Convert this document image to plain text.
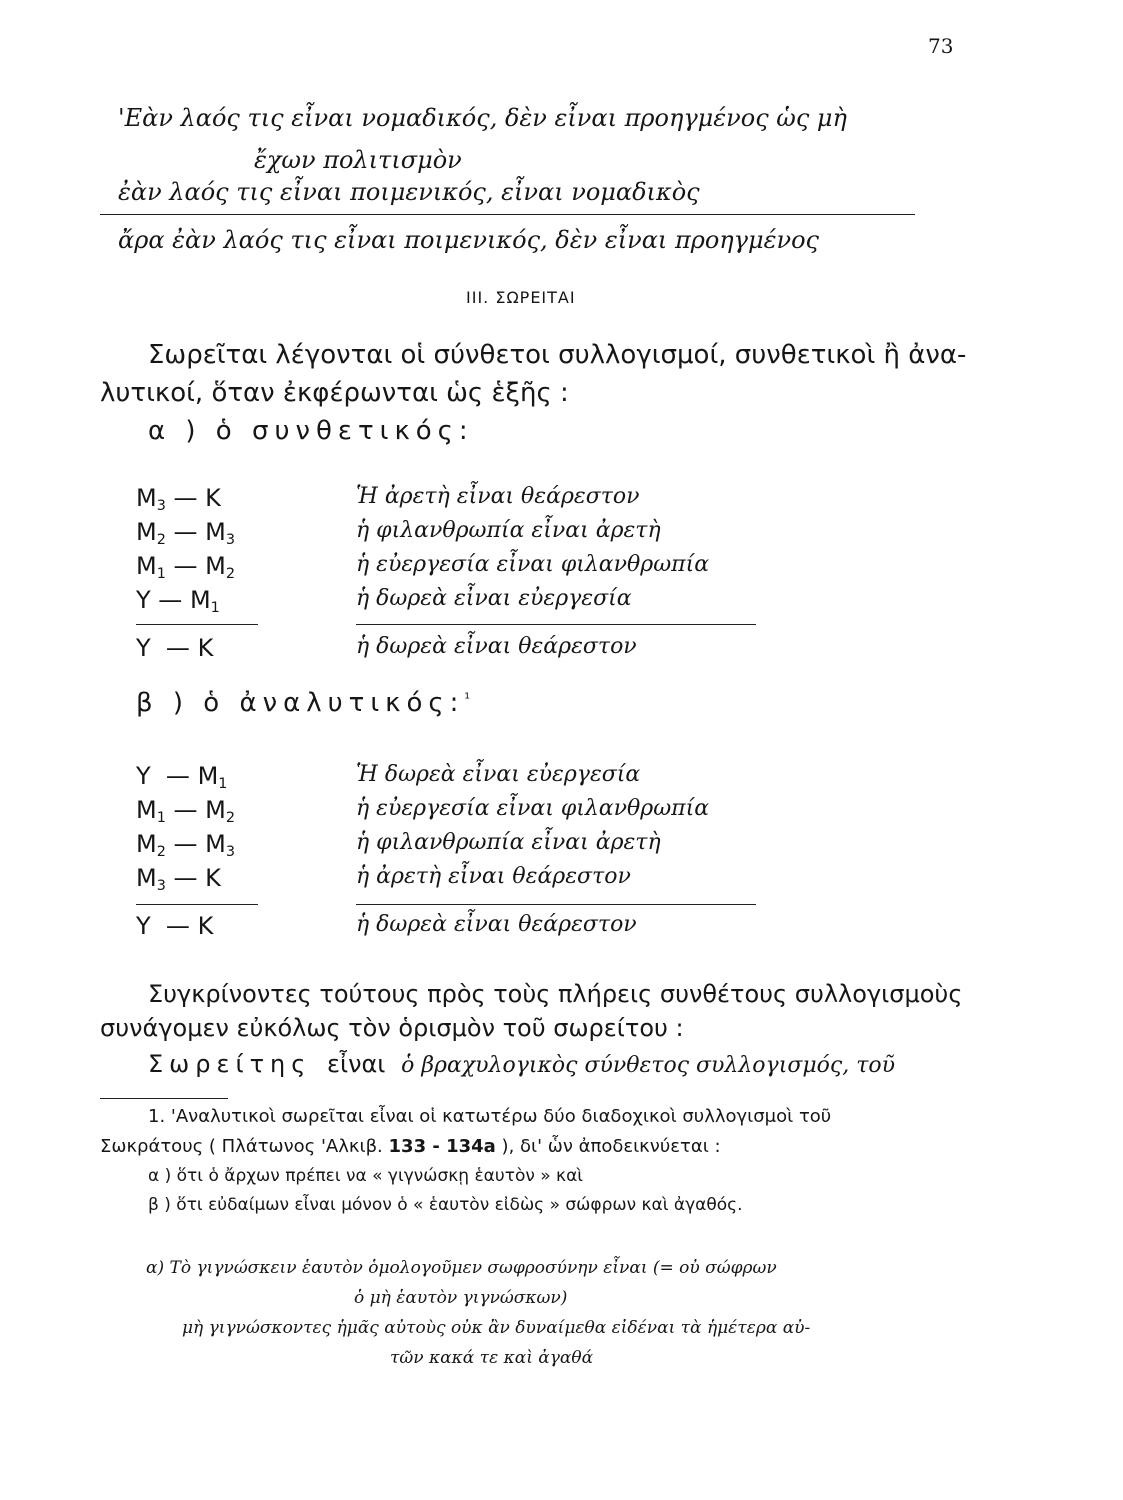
73
'Εὰν λαός τις εἶναι νομαδικός, δὲν εἶναι προηγμένος ὡς μὴ
ἔχων πολιτισμὸν
ἐὰν λαός τις εἶναι ποιμενικός, εἶναι νομαδικὸς
ἄρα ἐὰν λαός τις εἶναι ποιμενικός, δὲν εἶναι προηγμένος
III. ΣΩΡΕΙΤΑΙ
Σωρεῖται λέγονται οἱ σύνθετοι συλλογισμοί, συνθετικοὶ ἢ ἀνα-
λυτικοί, ὅταν ἐκφέρωνται ὡς ἑξῆς :
α ) ὁ συνθετικός:
$M_3$ — K	Ἡ ἀρετὴ εἶναι θεάρεστον
$M_2$ — $M_3$	ἡ φιλανθρωπία εἶναι ἀρετὴ
$M_1$ — $M_2$	ἡ εὐεργεσία εἶναι φιλανθρωπία
Y — $M_1$	ἡ δωρεὰ εἶναι εὐεργεσία
Y  — K	ἡ δωρεὰ εἶναι θεάρεστον
β ) ὁ ἀναλυτικός:$^{^1}$
Y  — $M_1$	Ἡ δωρεὰ εἶναι εὐεργεσία
$M_1$ — $M_2$	ἡ εὐεργεσία εἶναι φιλανθρωπία
$M_2$ — $M_3$	ἡ φιλανθρωπία εἶναι ἀρετὴ
$M_3$ — K	ἡ ἀρετὴ εἶναι θεάρεστον
Y  — K	ἡ δωρεὰ εἶναι θεάρεστον
Συγκρίνοντες τούτους πρὸς τοὺς πλήρεις συνθέτους συλλογισμοὺς
συνάγομεν εὐκόλως τὸν ὁρισμὸν τοῦ σωρείτου :
Σωρείτης εἶναι ὁ βραχυλογικὸς σύνθετος συλλογισμός, τοῦ
1. 'Αναλυτικοὶ σωρεῖται εἶναι οἱ κατωτέρω δύο διαδοχικοὶ συλλογισμοὶ τοῦ
Σωκράτους ( Πλάτωνος 'Αλκιβ. 133 - 134a ), δι' ὧν ἀποδεικνύεται :
α ) ὅτι ὁ ἄρχων πρέπει να « γιγνώσκῃ ἑαυτὸν » καὶ
β ) ὅτι εὐδαίμων εἶναι μόνον ὁ « ἑαυτὸν εἰδὼς » σώφρων καὶ ἀγαθός.
α) Τὸ γιγνώσκειν ἑαυτὸν ὁμολογοῦμεν σωφροσύνην εἶναι (= οὐ σώφρων
ὁ μὴ ἑαυτὸν γιγνώσκων)
μὴ γιγνώσκοντες ἡμᾶς αὐτοὺς οὐκ ἂν δυναίμεθα εἰδέναι τὰ ἡμέτερα αὐ-
τῶν κακά τε καὶ ἀγαθά
